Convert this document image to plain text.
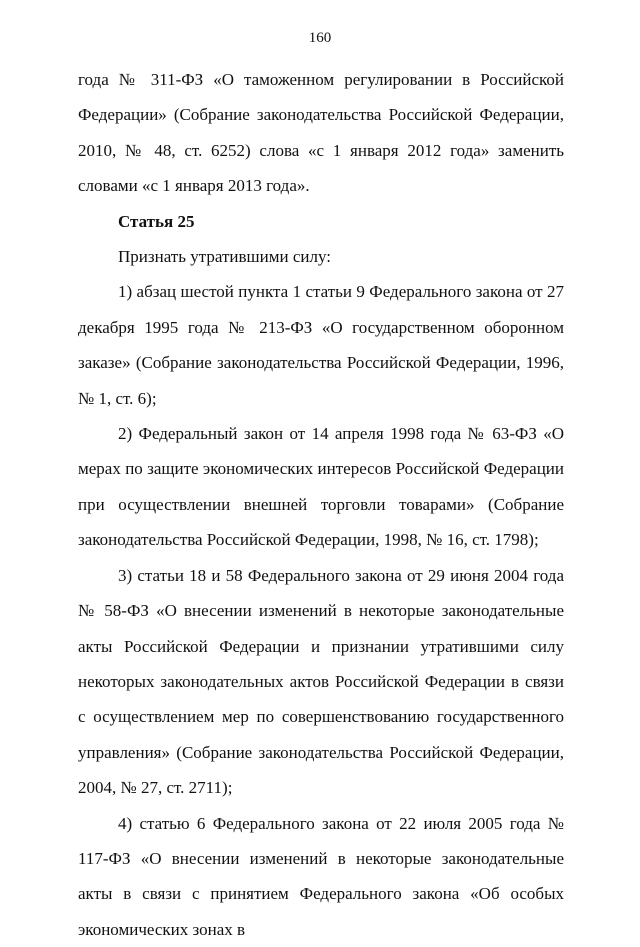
160

года № 311-ФЗ «О таможенном регулировании в Российской Федерации» (Собрание законодательства Российской Федерации, 2010, № 48, ст. 6252) слова «с 1 января 2012 года» заменить словами «с 1 января 2013 года».

Статья 25

Признать утратившими силу:

1) абзац шестой пункта 1 статьи 9 Федерального закона от 27 декабря 1995 года № 213-ФЗ «О государственном оборонном заказе» (Собрание законодательства Российской Федерации, 1996, № 1, ст. 6);

2) Федеральный закон от 14 апреля 1998 года № 63-ФЗ «О мерах по защите экономических интересов Российской Федерации при осуществлении внешней торговли товарами» (Собрание законодательства Российской Федерации, 1998, № 16, ст. 1798);

3) статьи 18 и 58 Федерального закона от 29 июня 2004 года № 58-ФЗ «О внесении изменений в некоторые законодательные акты Российской Федерации и признании утратившими силу некоторых законодательных актов Российской Федерации в связи с осуществлением мер по совершенствованию государственного управления» (Собрание законодательства Российской Федерации, 2004, № 27, ст. 2711);

4) статью 6 Федерального закона от 22 июля 2005 года № 117-ФЗ «О внесении изменений в некоторые законодательные акты в связи с принятием Федерального закона «Об особых экономических зонах в
